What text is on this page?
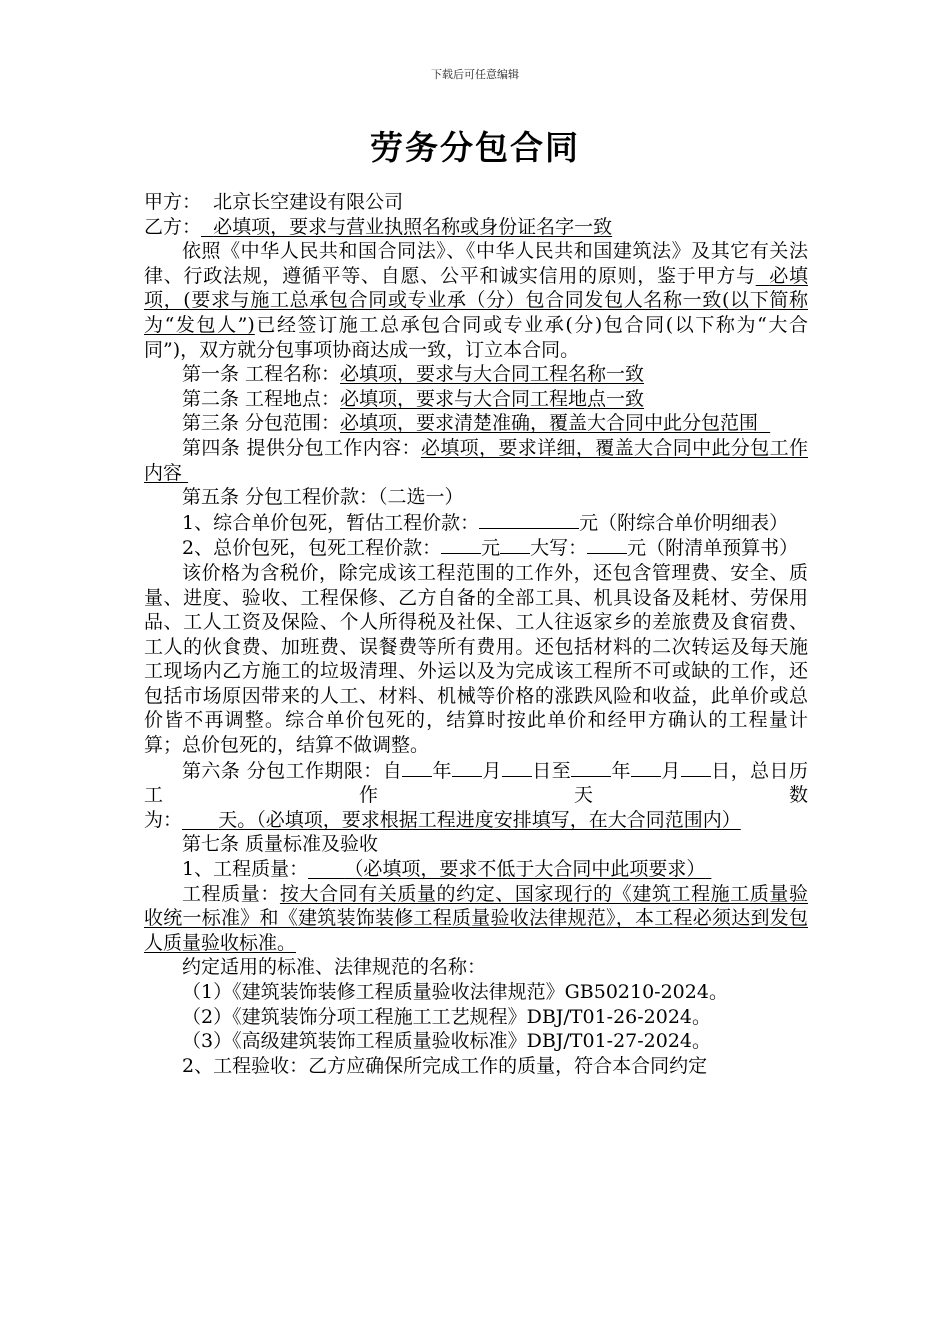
下载后可任意编辑
劳务分包合同

甲方： 北京长空建设有限公司

乙方： 必填项，要求与营业执照名称或身份证名字一致

依照《中华人民共和国合同法》、《中华人民共和国建筑法》及其它有关法律、行政法规，遵循平等、自愿、公平和诚实信用的原则，鉴于甲方与 必填项，(要求与施工总承包合同或专业承（分）包合同发包人名称一致(以下简称为“发包人”)已经签订施工总承包合同或专业承(分)包合同(以下称为“大合同”)，双方就分包事项协商达成一致，订立本合同。

第一条 工程名称：必填项，要求与大合同工程名称一致

第二条 工程地点：必填项，要求与大合同工程地点一致

第三条 分包范围：必填项，要求清楚准确，覆盖大合同中此分包范围

第四条 提供分包工作内容：必填项，要求详细，覆盖大合同中此分包工作内容

第五条 分包工程价款：（二选一）

1、综合单价包死，暂估工程价款：	元（附综合单价明细表）

2、总价包死，包死工程价款： 元 大写： 元（附清单预算书）

该价格为含税价，除完成该工程范围的工作外，还包含管理费、安全、质量、进度、验收、工程保修、乙方自备的全部工具、机具设备及耗材、劳保用品、工人工资及保险、个人所得税及社保、工人往返家乡的差旅费及食宿费、工人的伙食费、加班费、误餐费等所有费用。还包括材料的二次转运及每天施工现场内乙方施工的垃圾清理、外运以及为完成该工程所不可或缺的工作，还包括市场原因带来的人工、材料、机械等价格的涨跌风险和收益，此单价或总价皆不再调整。综合单价包死的，结算时按此单价和经甲方确认的工程量计算；总价包死的，结算不做调整。

第六条 分包工作期限：自 年 月 日至 年 月 日，总日历工作天数为： 天。（必填项，要求根据工程进度安排填写，在大合同范围内）

第七条 质量标准及验收

1、工程质量： （必填项，要求不低于大合同中此项要求）

工程质量：按大合同有关质量的约定、国家现行的《建筑工程施工质量验收统一标准》和《建筑装饰装修工程质量验收法律规范》，本工程必须达到发包人质量验收标准。

约定适用的标准、法律规范的名称：

（1）《建筑装饰装修工程质量验收法律规范》GB50210-2024。

（2）《建筑装饰分项工程施工工艺规程》DBJ/T01-26-2024。

（3）《高级建筑装饰工程质量验收标准》DBJ/T01-27-2024。

2、工程验收：乙方应确保所完成工作的质量，符合本合同约定
